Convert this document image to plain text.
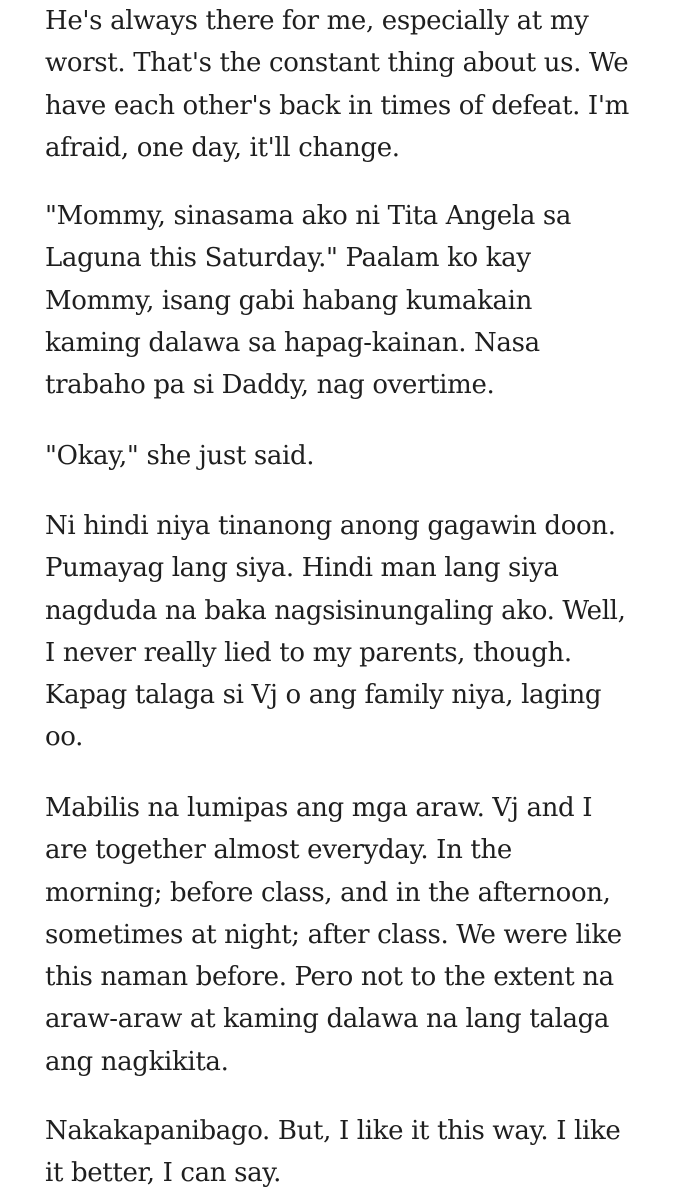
He's always there for me, especially at my
worst. That's the constant thing about us. We
have each other's back in times of defeat. I'm
afraid, one day, it'll change.

"Mommy, sinasama ako ni Tita Angela sa
Laguna this Saturday." Paalam ko kay
Mommy, isang gabi habang kumakain
kaming dalawa sa hapag-kainan. Nasa
trabaho pa si Daddy, nag overtime.

"Okay," she just said.

Ni hindi niya tinanong anong gagawin doon.
Pumayag lang siya. Hindi man lang siya
nagduda na baka nagsisinungaling ako. Well,
I never really lied to my parents, though.
Kapag talaga si Vj o ang family niya, laging
oo.

Mabilis na lumipas ang mga araw. Vj and I
are together almost everyday. In the
morning; before class, and in the afternoon,
sometimes at night; after class. We were like
this naman before. Pero not to the extent na
araw-araw at kaming dalawa na lang talaga
ang nagkikita.

Nakakapanibago. But, I like it this way. I like
it better, I can say.
